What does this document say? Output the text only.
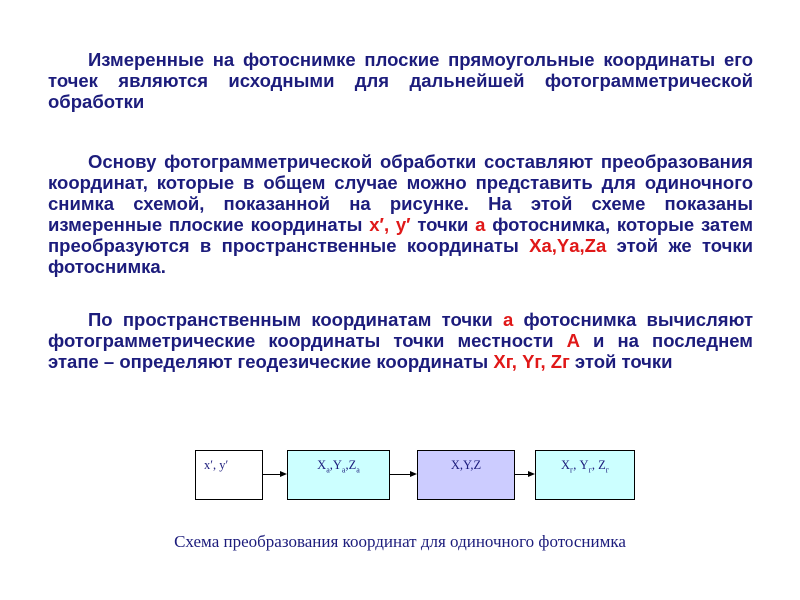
Измеренные на фотоснимке плоские прямоугольные координаты его точек являются исходными для дальнейшей фотограмметрической обработки
Основу фотограмметрической обработки составляют преобразования координат, которые в общем случае можно представить для одиночного снимка схемой, показанной на рисунке. На этой схеме показаны измеренные плоские координаты x′, y′ точки а фотоснимка, которые затем преобразуются в пространственные координаты Xа,Yа,Zа этой же точки фотоснимка.
По пространственным координатам точки а фотоснимка вычисляют фотограмметрические координаты точки местности А и на последнем этапе – определяют геодезические координаты Хг, Yг, Zг этой точки
x′, y′	$X_а,Y_а,Z_а$	X,Y,Z	$X_г$, $Y_г$, $Z_г$
Схема преобразования координат для одиночного фотоснимка
